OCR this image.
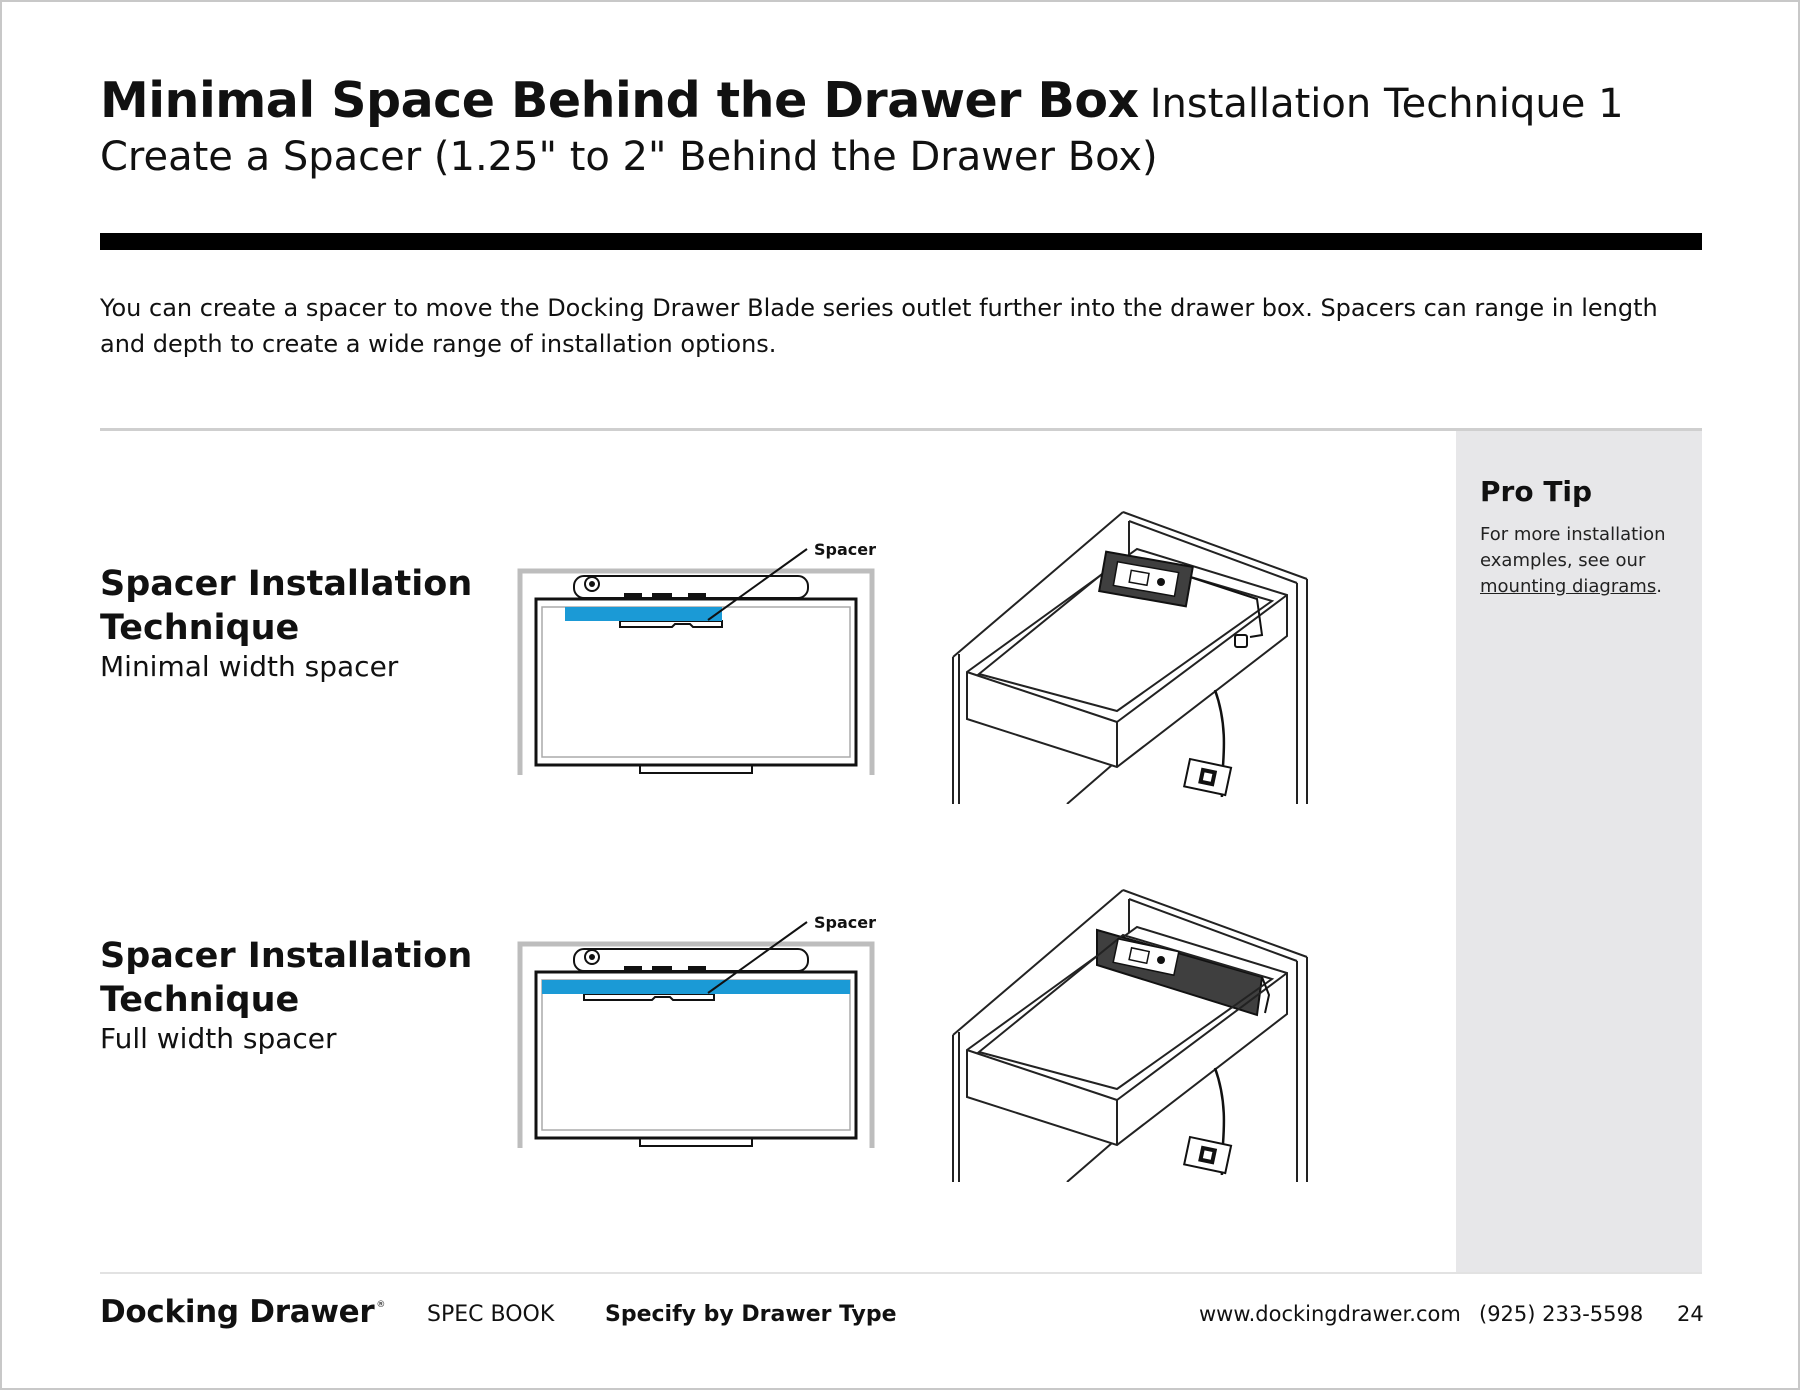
Minimal Space Behind the Drawer Box Installation Technique 1
Create a Spacer (1.25" to 2" Behind the Drawer Box)
You can create a spacer to move the Docking Drawer Blade series outlet further into the drawer box. Spacers can range in length and depth to create a wide range of installation options.
Pro Tip
For more installation examples, see our mounting diagrams.
Spacer Installation Technique
Minimal width spacer
Spacer
Spacer Installation Technique
Full width spacer
Spacer
Docking Drawer ® SPEC BOOK Specify by Drawer Type	www.dockingdrawer.com (925) 233-5598 24
